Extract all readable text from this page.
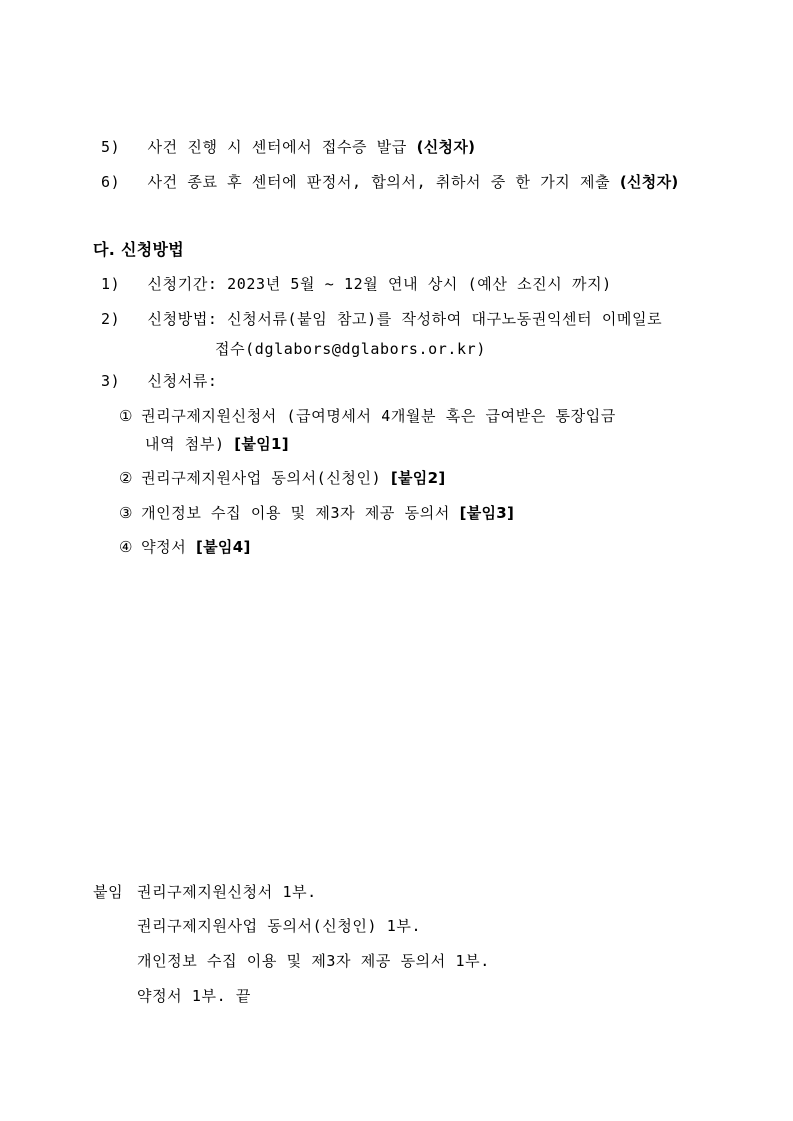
5) 사건 진행 시 센터에서 접수증 발급 (신청자)
6) 사건 종료 후 센터에 판정서, 합의서, 취하서 중 한 가지 제출 (신청자)
다. 신청방법
1) 신청기간: 2023년 5월 ~ 12월 연내 상시 (예산 소진시 까지)
2) 신청방법: 신청서류(붙임 참고)를 작성하여 대구노동권익센터 이메일로
접수(dglabors@dglabors.or.kr)
3) 신청서류:
① 권리구제지원신청서 (급여명세서 4개월분 혹은 급여받은 통장입금
내역 첨부) [붙임1]
② 권리구제지원사업 동의서(신청인) [붙임2]
③ 개인정보 수집 이용 및 제3자 제공 동의서 [붙임3]
④ 약정서 [붙임4]
붙임 권리구제지원신청서 1부.
권리구제지원사업 동의서(신청인) 1부.
개인정보 수집 이용 및 제3자 제공 동의서 1부.
약정서 1부. 끝
